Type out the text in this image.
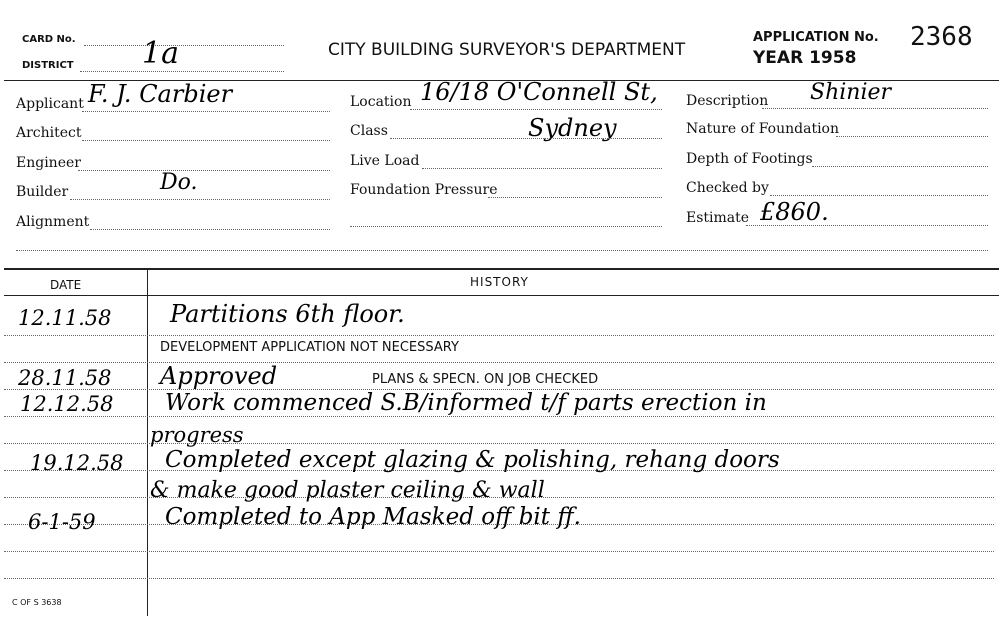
CARD No.
DISTRICT 1a	CITY BUILDING SURVEYOR'S DEPARTMENT
APPLICATION No. 2368
YEAR 1958
Applicant F. J. Carbier
Architect
Engineer
Builder	Do.
Alignment
Location 16/18 O'Connell St,
Class	Sydney
Live Load
Foundation Pressure
Description Shinier
Nature of Foundation
Depth of Footings
Checked by
Estimate £860.
DATE	HISTORY
12.11.58 Partitions 6th floor.
DEVELOPMENT APPLICATION NOT NECESSARY
28.11.58 Approved	PLANS & SPECN. ON JOB CHECKED
12.12.58 Work commenced S.B/informed t/f parts erection in
progress
19.12.58 Completed except glazing & polishing, rehang doors
& make good plaster ceiling & wall
6-1-59	Completed to App Masked off bit ff.
C OF S 3638
